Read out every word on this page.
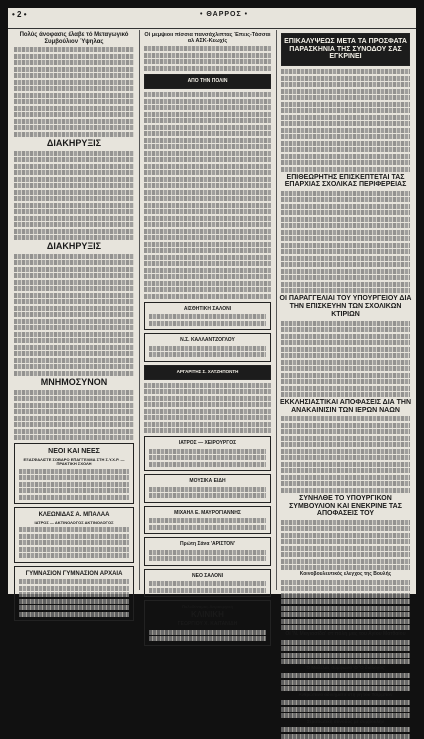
• 2 •	• ΘΑΡΡΟΣ •
Πολύς άνοφασις έλαβε τό Μεταγωγικό Συμβούλιον Ύψηλας
ΔΙΑΚΗΡΥΞΙΣ
ΔΙΑΚΗΡΥΞΙΣ
ΜΝΗΜΟΣΥΝΟΝ
ΝΕΟΙ ΚΑΙ ΝΕΕΣ
ΕΞΑΣΦΑΛΙΣΤΕ ΣΟΒΑΡΟ ΕΠΑΓΓΕΛΜΑ ΣΤΗ Σ.Υ.Χ.Ρ. — ΠΡΑΚΤΙΚΗ ΣΧΟΛΗ
ΚΛΕΩΝΙΔΑΣ Α. ΜΠΑΛΑΑ
ΙΑΤΡΟΣ — ΑΚΤΙΝΟΛΟΓΟΣ ΑΚΤΙΝΟΛΟΓΟΣ
ΓΥΜΝΑΣΙΟΝ ΓΥΜΝΑΣΙΟΝ ΑΡΧΑΙΑ
Οί μεμψιοιι πίσσια πανσάχλιπτας Έπεις-Τάσσαι αλ ΑΣΚ-Κεωχίς
ΑΠΟ ΤΗΝ ΠΟΛΙΝ
ΑΙΣΘΗΤΙΚΗ ΣΑΛΟΝΙ
Ν.Σ. ΚΑΛΛΑΝΤΖΟΓΛΟΥ
ΑΡΓΑΡΙΤΗΣ Σ. ΧΑΤΖΗΠΟΝΤΗ
ΙΑΤΡΟΣ — ΧΕΙΡΟΥΡΓΟΣ
ΜΟΥΣΙΚΑ ΕΙΔΗ
ΜΙΧΑΗΛ Ε. ΜΑΥΡΟΓΙΑΝΝΗΣ
Πρώτη Σάνα 'ΑΡΙΣΤΟΝ'
ΝΕΟ ΣΑΛΟΝΙ
Πολυδύναμος-Χειρουργική
ΚΛΙΝΙΚΗ
ΓΕΩΡΓΙΟΥ Χ. ΚΑΙΤΑΝΙΔΗ
ΕΠΙΚΑΛΥΨΕΩΣ ΜΕΤΑ ΤΑ ΠΡΟΣΦΑΤΑ ΠΑΡΑΣΚΗΝΙΑ ΤΗΣ ΣΥΝΟΔΟΥ ΣΑΣ ΕΓΚΡΙΝΕΙ
ΕΠΙΘΕΩΡΗΤΗΣ ΕΠΙΣΚΕΠΤΕΤΑΙ ΤΑΣ ΕΠΑΡΧΙΑΣ ΣΧΟΛΙΚΑΣ ΠΕΡΙΦΕΡΕΙΑΣ
ΟΙ ΠΑΡΑΓΓΕΛΙΑΙ ΤΟΥ ΥΠΟΥΡΓΕΙΟΥ ΔΙΑ ΤΗΝ ΕΠΙΣΚΕΥΗΝ ΤΩΝ ΣΧΟΛΙΚΩΝ ΚΤΙΡΙΩΝ
ΕΚΚΛΗΣΙΑΣΤΙΚΑΙ ΑΠΟΦΑΣΕΙΣ ΔΙΑ ΤΗΝ ΑΝΑΚΑΙΝΙΣΙΝ ΤΩΝ ΙΕΡΩΝ ΝΑΩΝ
ΣΥΝΗΛΘΕ ΤΟ ΥΠΟΥΡΓΙΚΟΝ ΣΥΜΒΟΥΛΙΟΝ ΚΑΙ ΕΝΕΚΡΙΝΕ ΤΑΣ ΑΠΟΦΑΣΕΙΣ ΤΟΥ
Κοινοβουλευτικός ελεγχος της Βουλής
Οί 'Ν. Μαγιασίδα' στ πόλη μας του Αγίου Ματθαίου
'Ο Μαλέλας σύμφωνα 'Ο 'Ο διάλογος'
Ανθρώπινα αδικήματα στη γη του Τσιρμπον
Στρατιωτική σύνοδος με συμβουλήν
